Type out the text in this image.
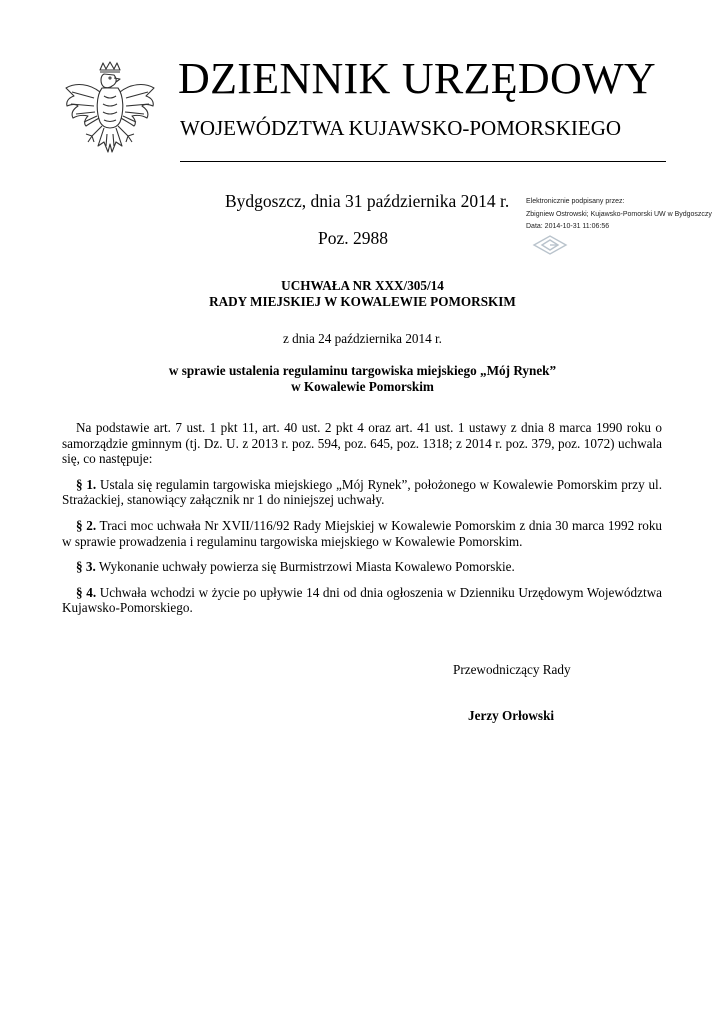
DZIENNIK URZĘDOWY
WOJEWÓDZTWA KUJAWSKO-POMORSKIEGO
Bydgoszcz, dnia 31 października 2014 r.
Poz. 2988
Elektronicznie podpisany przez:
Zbigniew Ostrowski; Kujawsko-Pomorski UW w Bydgoszczy
Data: 2014-10-31 11:06:56
UCHWAŁA NR XXX/305/14
RADY MIEJSKIEJ W KOWALEWIE POMORSKIM
z dnia 24 października 2014 r.
w sprawie ustalenia regulaminu targowiska miejskiego „Mój Rynek”
w Kowalewie Pomorskim

Na podstawie art. 7 ust. 1 pkt 11, art. 40 ust. 2 pkt 4 oraz art. 41 ust. 1 ustawy z dnia 8 marca 1990 roku o samorządzie gminnym (tj. Dz. U. z 2013 r. poz. 594, poz. 645, poz. 1318; z 2014 r. poz. 379, poz. 1072) uchwala się, co następuje:

§ 1. Ustala się regulamin targowiska miejskiego „Mój Rynek”, położonego w Kowalewie Pomorskim przy ul. Strażackiej, stanowiący załącznik nr 1 do niniejszej uchwały.

§ 2. Traci moc uchwała Nr XVII/116/92 Rady Miejskiej w Kowalewie Pomorskim z dnia 30 marca 1992 roku w sprawie prowadzenia i regulaminu targowiska miejskiego w Kowalewie Pomorskim.

§ 3. Wykonanie uchwały powierza się Burmistrzowi Miasta Kowalewo Pomorskie.

§ 4. Uchwała wchodzi w życie po upływie 14 dni od dnia ogłoszenia w Dzienniku Urzędowym Województwa Kujawsko-Pomorskiego.

Przewodniczący Rady
Jerzy Orłowski
